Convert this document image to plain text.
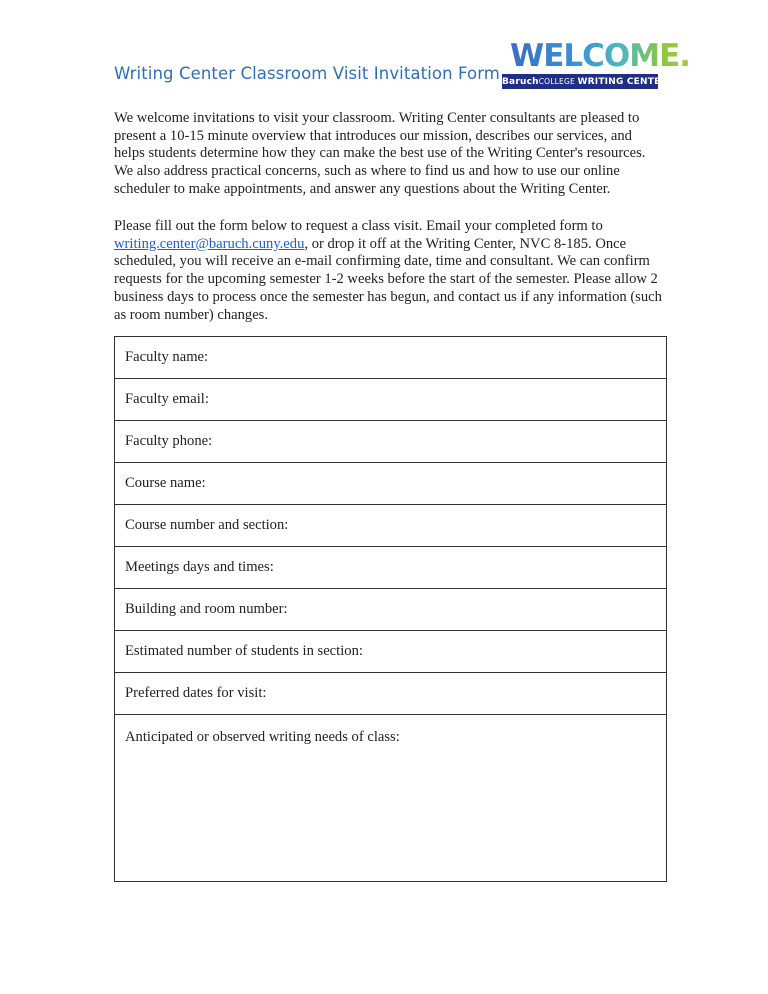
Writing Center Classroom Visit Invitation Form WELCOME.
BaruchCOLLEGE WRITING CENTER
We welcome invitations to visit your classroom. Writing Center consultants are pleased to present a 10-15 minute overview that introduces our mission, describes our services, and helps students determine how they can make the best use of the Writing Center's resources. We also address practical concerns, such as where to find us and how to use our online scheduler to make appointments, and answer any questions about the Writing Center.
Please fill out the form below to request a class visit. Email your completed form to writing.center@baruch.cuny.edu, or drop it off at the Writing Center, NVC 8-185. Once scheduled, you will receive an e-mail confirming date, time and consultant. We can confirm requests for the upcoming semester 1-2 weeks before the start of the semester. Please allow 2 business days to process once the semester has begun, and contact us if any information (such as room number) changes.
Faculty name:
Faculty email:
Faculty phone:
Course name:
Course number and section:
Meetings days and times:
Building and room number:
Estimated number of students in section:
Preferred dates for visit:
Anticipated or observed writing needs of class:
